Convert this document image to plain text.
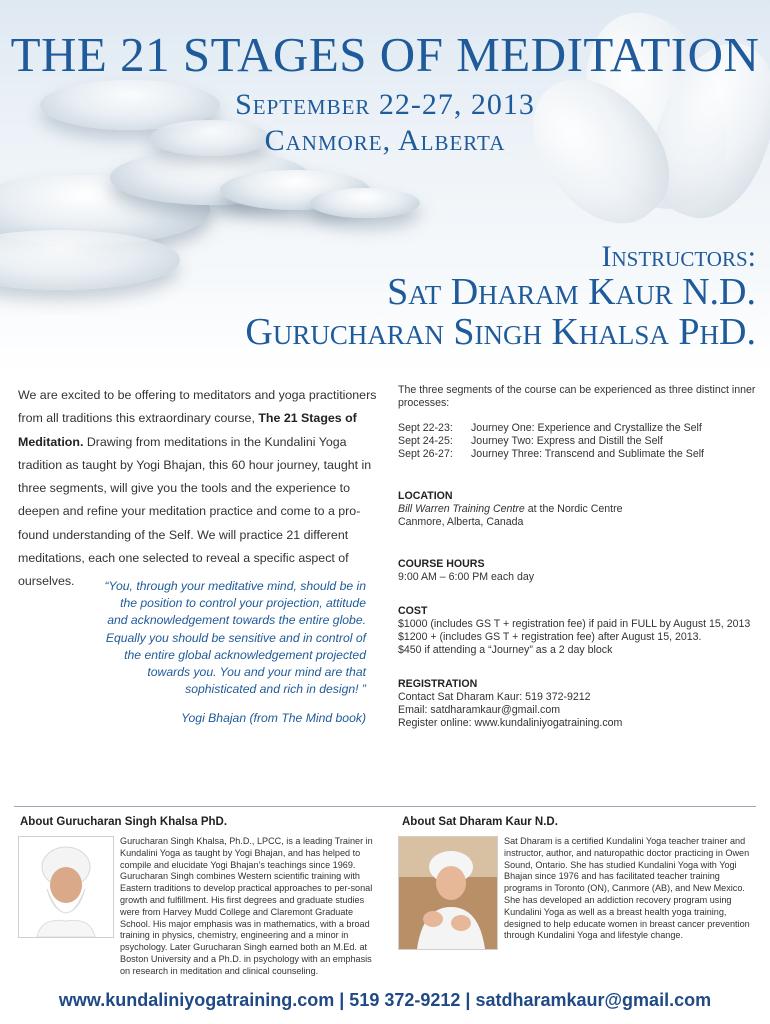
THE 21 STAGES OF MEDITATION
September 22-27, 2013
Canmore, Alberta
Instructors:
Sat Dharam Kaur N.D.
Gurucharan Singh Khalsa PhD.
We are excited to be offering to meditators and yoga practitioners from all traditions this extraordinary course, The 21 Stages of Meditation. Drawing from meditations in the Kundalini Yoga tradition as taught by Yogi Bhajan, this 60 hour journey, taught in three segments, will give you the tools and the experience to deepen and refine your meditation practice and come to a pro-found understanding of the Self. We will practice 21 different meditations, each one selected to reveal a specific aspect of ourselves.	“You, through your meditative mind, should be in the position to control your projection, attitude and acknowledgement towards the entire globe. Equally you should be sensitive and in control of the entire global acknowledgement projected towards you. You and your mind are that sophisticated and rich in design! ”
Yogi Bhajan (from The Mind book)
The three segments of the course can be experienced as three distinct inner processes:
Sept 22-23:	Journey One: Experience and Crystallize the Self
Sept 24-25:	Journey Two: Express and Distill the Self
Sept 26-27:	Journey Three: Transcend and Sublimate the Self
LOCATION
Bill Warren Training Centre at the Nordic Centre
Canmore, Alberta, Canada
COURSE HOURS
9:00 AM – 6:00 PM each day
COST
$1000 (includes GS T + registration fee) if paid in FULL by August 15, 2013
$1200 + (includes GS T + registration fee) after August 15, 2013.
$450 if attending a “Journey” as a 2 day block
REGISTRATION
Contact Sat Dharam Kaur: 519 372-9212
Email: satdharamkaur@gmail.com
Register online: www.kundaliniyogatraining.com
About Gurucharan Singh Khalsa PhD.
Gurucharan Singh Khalsa, Ph.D., LPCC, is a leading Trainer in Kundalini Yoga as taught by Yogi Bhajan, and has helped to compile and elucidate Yogi Bhajan’s teachings since 1969. Gurucharan Singh combines Western scientific training with Eastern traditions to develop practical approaches to per-sonal growth and fulfillment. His first degrees and graduate studies were from Harvey Mudd College and Claremont Graduate School. His major emphasis was in mathematics, with a broad training in physics, chemistry, engineering and a minor in psychology. Later Gurucharan Singh earned both an M.Ed. at Boston University and a Ph.D. in psychology with an emphasis on research in meditation and clinical counseling.
About Sat Dharam Kaur N.D.
Sat Dharam is a certified Kundalini Yoga teacher trainer and instructor, author, and naturopathic doctor practicing in Owen Sound, Ontario. She has studied Kundalini Yoga with Yogi Bhajan since 1976 and has facilitated teacher training programs in Toronto (ON), Canmore (AB), and New Mexico. She has developed an addiction recovery program using Kundalini Yoga as well as a breast health yoga training, designed to help educate women in breast cancer prevention through Kundalini Yoga and lifestyle change.
www.kundaliniyogatraining.com | 519 372-9212 | satdharamkaur@gmail.com
